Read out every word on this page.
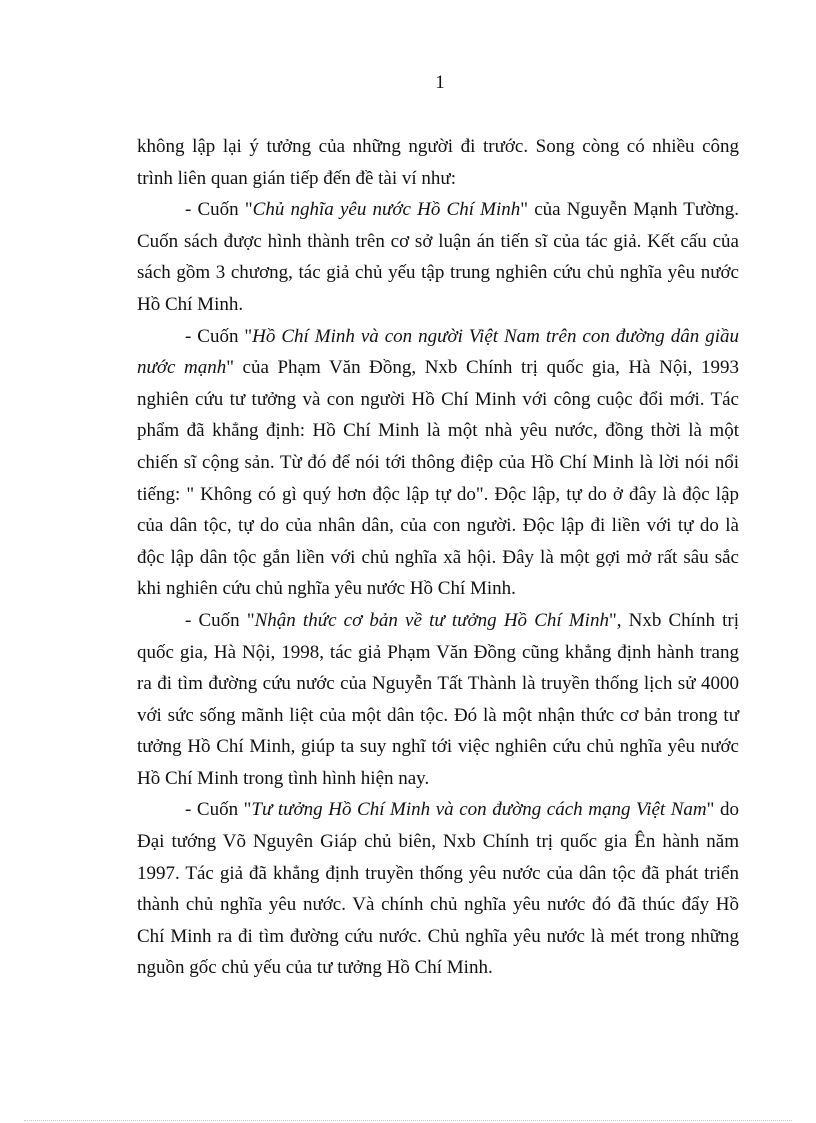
1

không lập lại ý tưởng của những người đi trước. Song còng có nhiều công trình liên quan gián tiếp đến đề tài ví như:

- Cuốn "Chủ nghĩa yêu nước Hồ Chí Minh" của Nguyễn Mạnh Tường. Cuốn sách được hình thành trên cơ sở luận án tiến sĩ của tác giả. Kết cấu của sách gồm 3 chương, tác giả chủ yếu tập trung nghiên cứu chủ nghĩa yêu nước Hồ Chí Minh.

- Cuốn "Hồ Chí Minh và con người Việt Nam trên con đường dân giầu nước mạnh" của Phạm Văn Đồng, Nxb Chính trị quốc gia, Hà Nội, 1993 nghiên cứu tư tưởng và con người Hồ Chí Minh với công cuộc đổi mới. Tác phẩm đã khẳng định: Hồ Chí Minh là một nhà yêu nước, đồng thời là một chiến sĩ cộng sản. Từ đó để nói tới thông điệp của Hồ Chí Minh là lời nói nổi tiếng: " Không có gì quý hơn độc lập tự do". Độc lập, tự do ở đây là độc lập của dân tộc, tự do của nhân dân, của con người. Độc lập đi liền với tự do là độc lập dân tộc gắn liền với chủ nghĩa xã hội. Đây là một gợi mở rất sâu sắc khi nghiên cứu chủ nghĩa yêu nước Hồ Chí Minh.

- Cuốn "Nhận thức cơ bản về tư tưởng Hồ Chí Minh", Nxb Chính trị quốc gia, Hà Nội, 1998, tác giả Phạm Văn Đồng cũng khẳng định hành trang ra đi tìm đường cứu nước của Nguyễn Tất Thành là truyền thống lịch sử 4000 với sức sống mãnh liệt của một dân tộc. Đó là một nhận thức cơ bản trong tư tưởng Hồ Chí Minh, giúp ta suy nghĩ tới việc nghiên cứu chủ nghĩa yêu nước Hồ Chí Minh trong tình hình hiện nay.

- Cuốn "Tư tưởng Hồ Chí Minh và con đường cách mạng Việt Nam" do Đại tướng Võ Nguyên Giáp chủ biên, Nxb Chính trị quốc gia Ên hành năm 1997. Tác giả đã khẳng định truyền thống yêu nước của dân tộc đã phát triển thành chủ nghĩa yêu nước. Và chính chủ nghĩa yêu nước đó đã thúc đẩy Hồ Chí Minh ra đi tìm đường cứu nước. Chủ nghĩa yêu nước là mét trong những nguồn gốc chủ yếu của tư tưởng Hồ Chí Minh.
